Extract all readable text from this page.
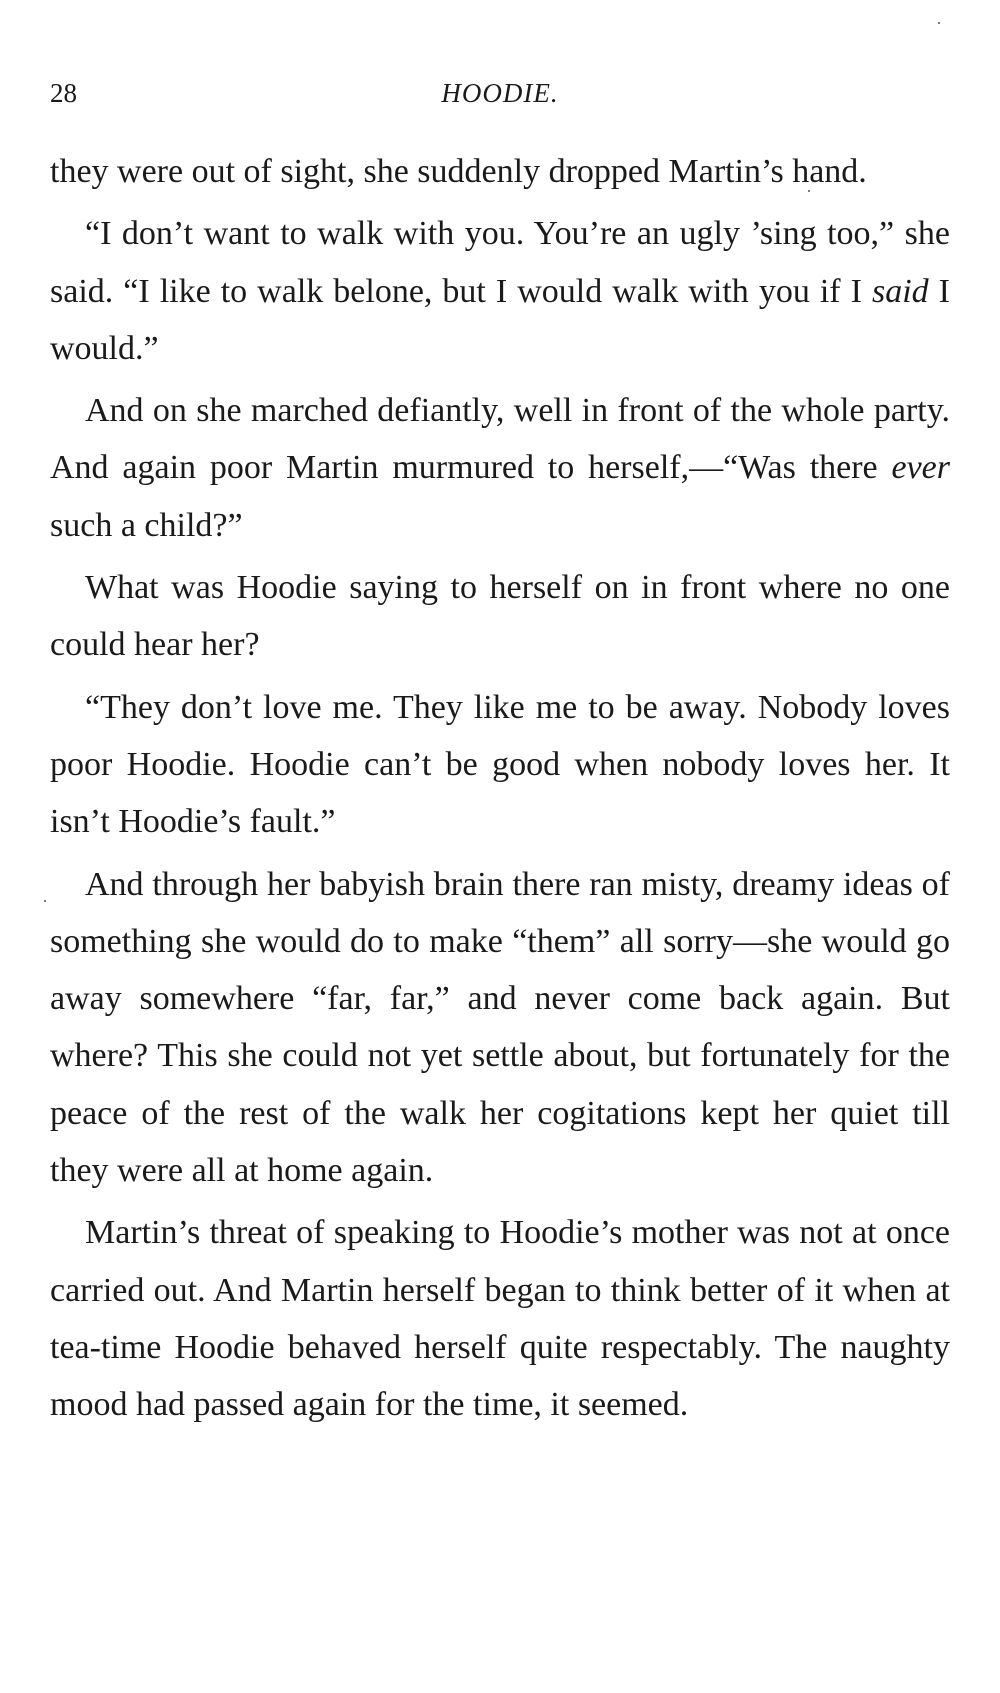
28	HOODIE.

they were out of sight, she suddenly dropped Martin’s hand.

“I don’t want to walk with you. You’re an ugly ’sing too,” she said. “I like to walk belone, but I would walk with you if I said I would.”

And on she marched defiantly, well in front of the whole party. And again poor Martin murmured to herself,—“Was there ever such a child?”

What was Hoodie saying to herself on in front where no one could hear her?

“They don’t love me. They like me to be away. Nobody loves poor Hoodie. Hoodie can’t be good when nobody loves her. It isn’t Hoodie’s fault.”

And through her babyish brain there ran misty, dreamy ideas of something she would do to make “them” all sorry—she would go away somewhere “far, far,” and never come back again. But where? This she could not yet settle about, but fortunately for the peace of the rest of the walk her cogitations kept her quiet till they were all at home again.

Martin’s threat of speaking to Hoodie’s mother was not at once carried out. And Martin herself began to think better of it when at tea-time Hoodie behaved herself quite respectably. The naughty mood had passed again for the time, it seemed.
